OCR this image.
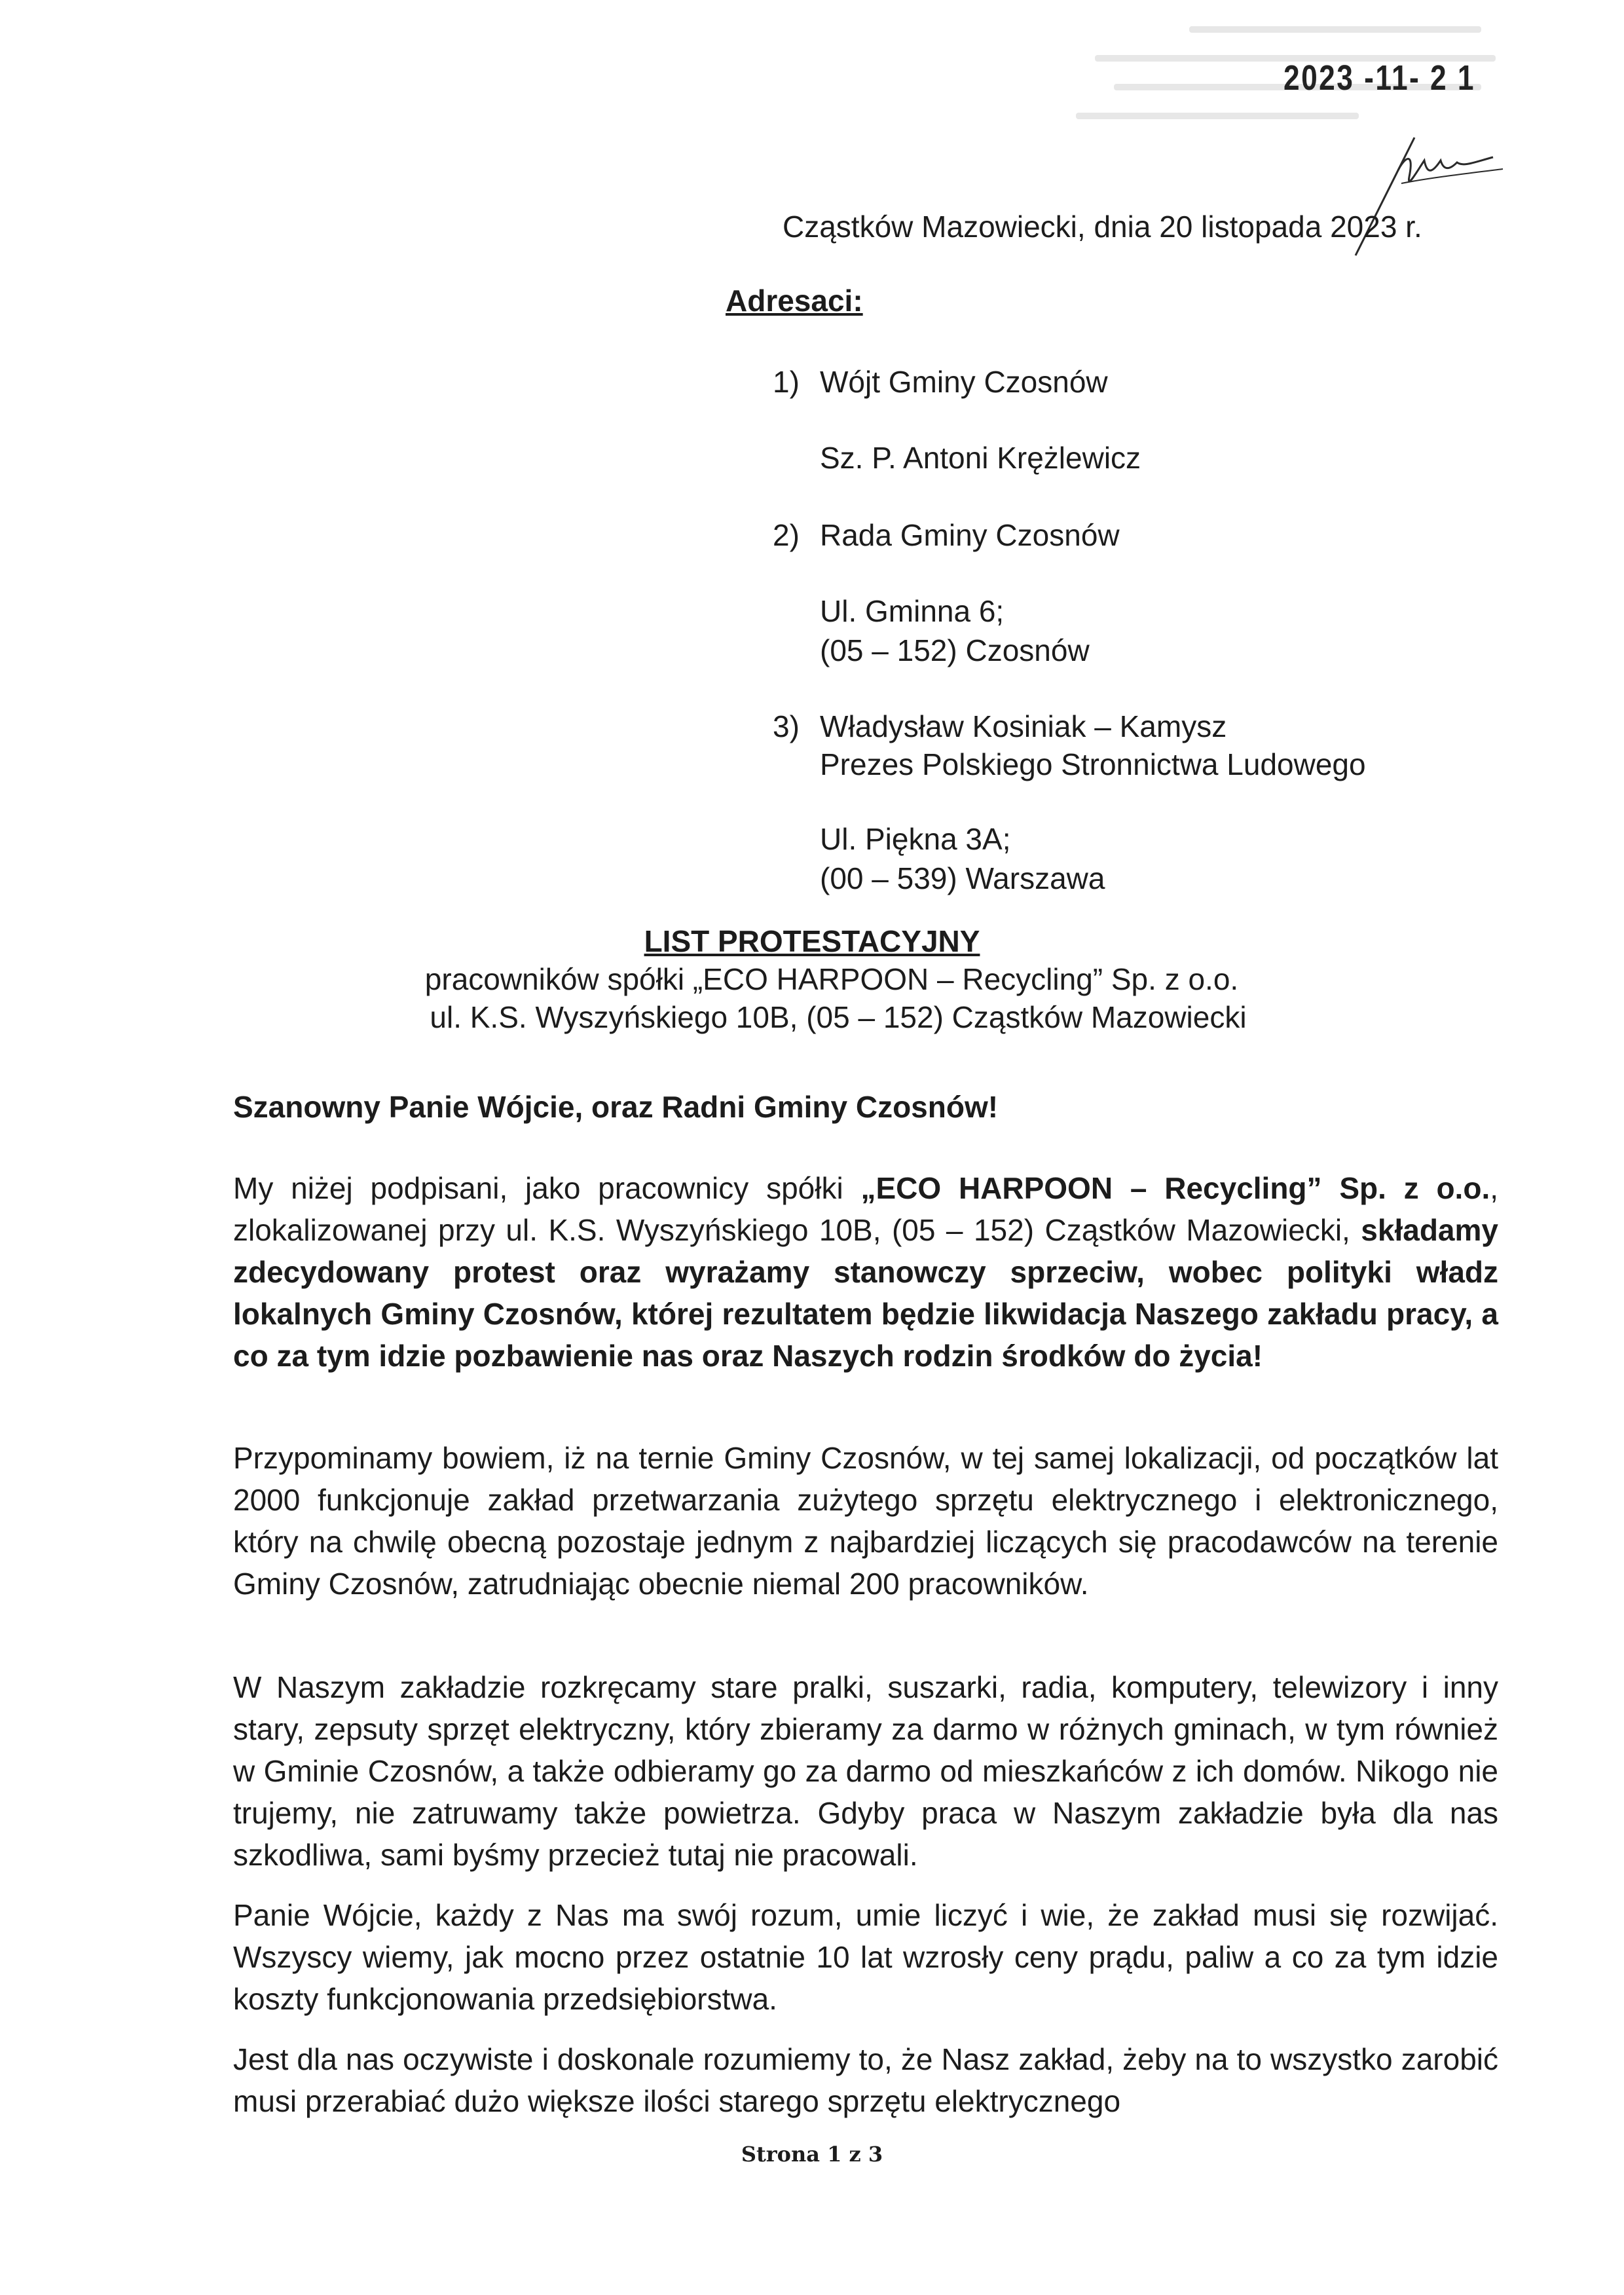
2023 -11- 2 1
Cząstków Mazowiecki, dnia 20 listopada 2023 r.
Adresaci:
1) Wójt Gminy Czosnów
Sz. P. Antoni Krężlewicz
2) Rada Gminy Czosnów
Ul. Gminna 6;
(05 – 152) Czosnów
3) Władysław Kosiniak – Kamysz
Prezes Polskiego Stronnictwa Ludowego
Ul. Piękna 3A;
(00 – 539) Warszawa
LIST PROTESTACYJNY
pracowników spółki „ECO HARPOON – Recycling” Sp. z o.o.
ul. K.S. Wyszyńskiego 10B, (05 – 152) Cząstków Mazowiecki
Szanowny Panie Wójcie, oraz Radni Gminy Czosnów!
My niżej podpisani, jako pracownicy spółki „ECO HARPOON – Recycling” Sp. z o.o., zlokalizowanej przy ul. K.S. Wyszyńskiego 10B, (05 – 152) Cząstków Mazowiecki, składamy zdecydowany protest oraz wyrażamy stanowczy sprzeciw, wobec polityki władz lokalnych Gminy Czosnów, której rezultatem będzie likwidacja Naszego zakładu pracy, a co za tym idzie pozbawienie nas oraz Naszych rodzin środków do życia!
Przypominamy bowiem, iż na ternie Gminy Czosnów, w tej samej lokalizacji, od początków lat 2000 funkcjonuje zakład przetwarzania zużytego sprzętu elektrycznego i elektronicznego, który na chwilę obecną pozostaje jednym z najbardziej liczących się pracodawców na terenie Gminy Czosnów, zatrudniając obecnie niemal 200 pracowników.
W Naszym zakładzie rozkręcamy stare pralki, suszarki, radia, komputery, telewizory i inny stary, zepsuty sprzęt elektryczny, który zbieramy za darmo w różnych gminach, w tym również w Gminie Czosnów, a także odbieramy go za darmo od mieszkańców z ich domów. Nikogo nie trujemy, nie zatruwamy także powietrza. Gdyby praca w Naszym zakładzie była dla nas szkodliwa, sami byśmy przecież tutaj nie pracowali.
Panie Wójcie, każdy z Nas ma swój rozum, umie liczyć i wie, że zakład musi się rozwijać. Wszyscy wiemy, jak mocno przez ostatnie 10 lat wzrosły ceny prądu, paliw a co za tym idzie koszty funkcjonowania przedsiębiorstwa.
Jest dla nas oczywiste i doskonale rozumiemy to, że Nasz zakład, żeby na to wszystko zarobić musi przerabiać dużo większe ilości starego sprzętu elektrycznego
Strona 1 z 3
